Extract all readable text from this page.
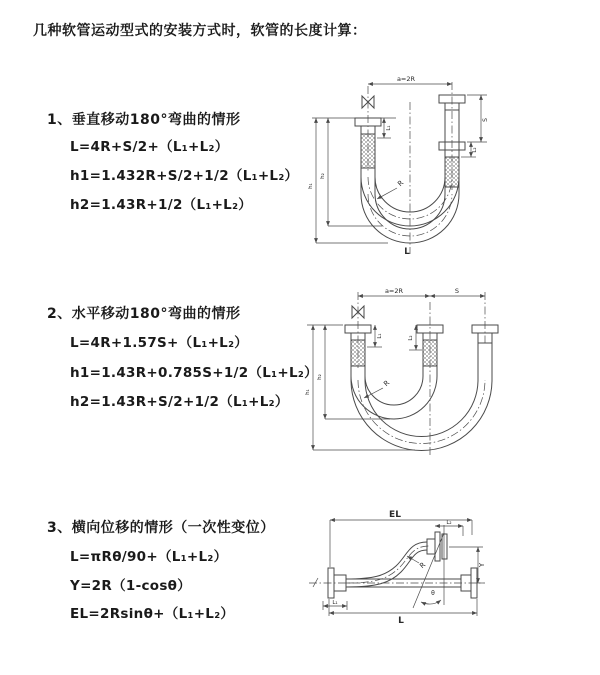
几种软管运动型式的安装方式时，软管的长度计算：
1、垂直移动180°弯曲的情形
L=4R+S/2+（L₁+L₂）
h1=1.432R+S/2+1/2（L₁+L₂）
h2=1.43R+1/2（L₁+L₂）
a=2R
L₁
S
L₂
h₁
h₂
R
L
2、水平移动180°弯曲的情形
L=4R+1.57S+（L₁+L₂）
h1=1.43R+0.785S+1/2（L₁+L₂）
h2=1.43R+S/2+1/2（L₁+L₂）
a=2R	S
h₁
h₂
L₁	L₂
R
3、横向位移的情形（一次性变位）
L=πRθ/90+（L₁+L₂）
Y=2R（1-cosθ）
EL=2Rsinθ+（L₁+L₂）
EL
L₂
Y
L
L₁
R
θ
